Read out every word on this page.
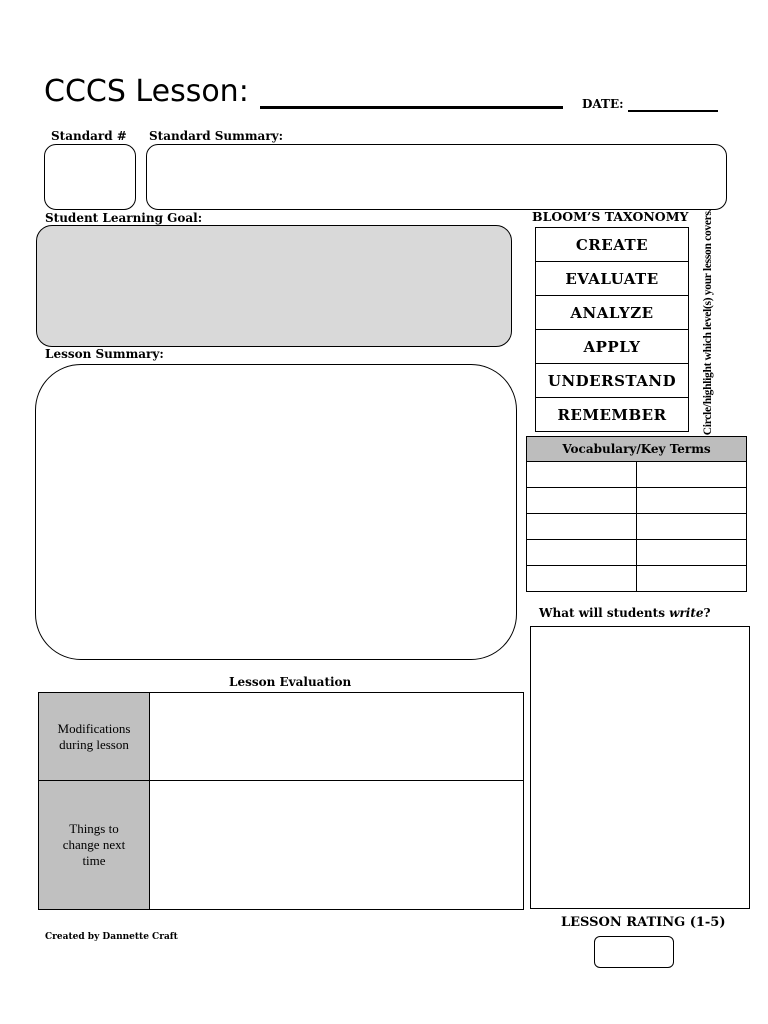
CCCS Lesson:	DATE:
Standard # Standard Summary:
Student Learning Goal:
Lesson Summary:
BLOOM’S TAXONOMY
CREATE
EVALUATE
ANALYZE
APPLY
UNDERSTAND
REMEMBER	Circle/highlight which level(s) your lesson covers.
Vocabulary/Key Terms	

What will students write?
Lesson Evaluation
Modifications during lesson
Things to change next time
LESSON RATING (1-5)
Created by Dannette Craft
